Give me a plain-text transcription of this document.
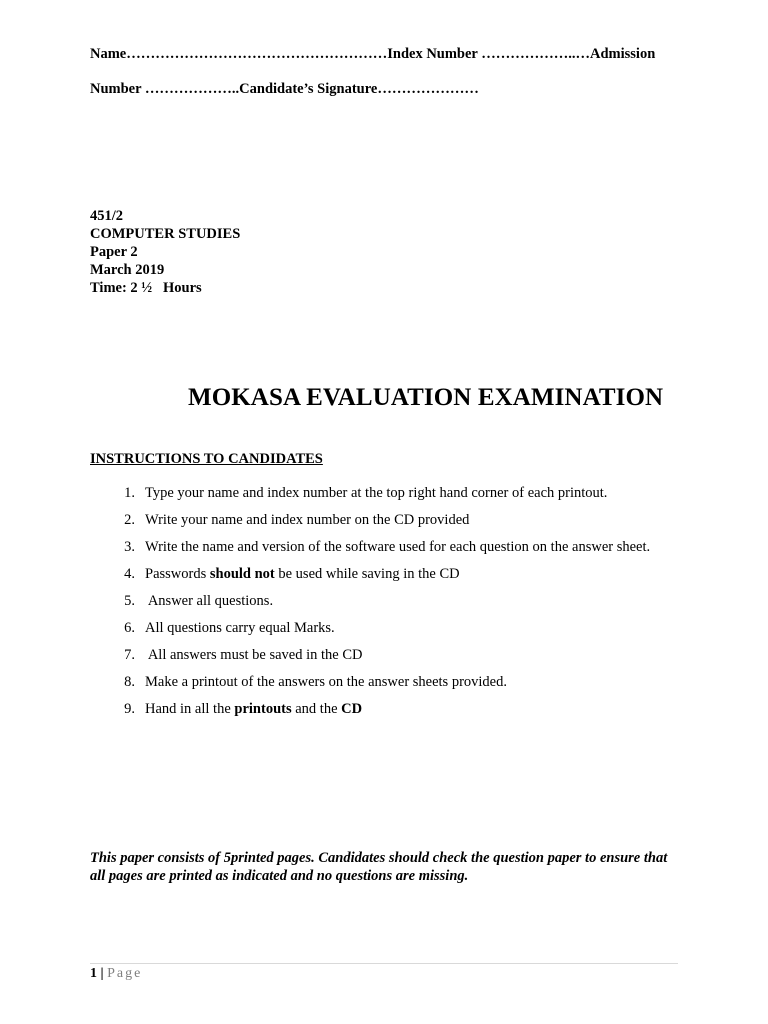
Name………………………………………………Index Number ………………..…Admission
Number ………………..Candidate’s Signature…………………
451/2
COMPUTER STUDIES
Paper 2
March 2019
Time: 2 ½   Hours
MOKASA EVALUATION EXAMINATION
INSTRUCTIONS TO CANDIDATES
1. Type your name and index number at the top right hand corner of each printout.
2. Write your name and index number on the CD provided
3. Write the name and version of the software used for each question on the answer sheet.
4. Passwords should not be used while saving in the CD
5. Answer all questions.
6. All questions carry equal Marks.
7. All answers must be saved in the CD
8. Make a printout of the answers on the answer sheets provided.
9. Hand in all the printouts and the CD
This paper consists of 5printed pages. Candidates should check the question paper to ensure that all pages are printed as indicated and no questions are missing.
1 | Page
